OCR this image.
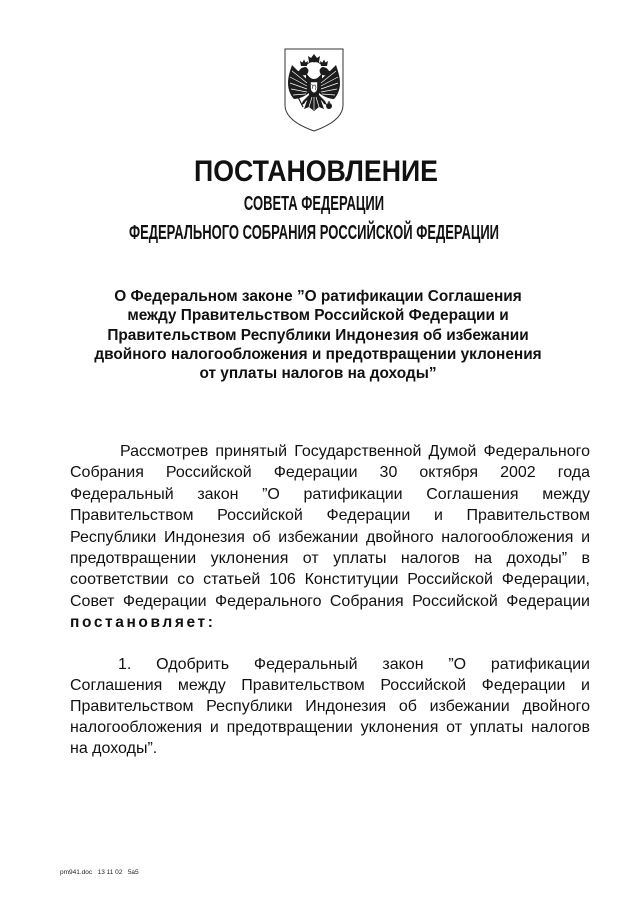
ПОСТАНОВЛЕНИЕ
СОВЕТА ФЕДЕРАЦИИ
ФЕДЕРАЛЬНОГО СОБРАНИЯ РОССИЙСКОЙ ФЕДЕРАЦИИ
О Федеральном законе ”О ратификации Соглашения
между Правительством Российской Федерации и
Правительством Республики Индонезия об избежании
двойного налогообложения и предотвращении уклонения
от уплаты налогов на доходы”
Рассмотрев принятый Государственной Думой Федерального
Собрания Российской Федерации 30 октября 2002 года
Федеральный закон ”О ратификации Соглашения между
Правительством Российской Федерации и Правительством
Республики Индонезия об избежании двойного налогообложения и
предотвращении уклонения от уплаты налогов на доходы” в
соответствии со статьей 106 Конституции Российской Федерации,
Совет Федерации Федерального Собрания Российской Федерации
постановляет:
1. Одобрить Федеральный закон ”О ратификации
Соглашения между Правительством Российской Федерации и
Правительством Республики Индонезия об избежании двойного
налогообложения и предотвращении уклонения от уплаты налогов
на доходы”.
pm941.doc   13 11 02   5a5
